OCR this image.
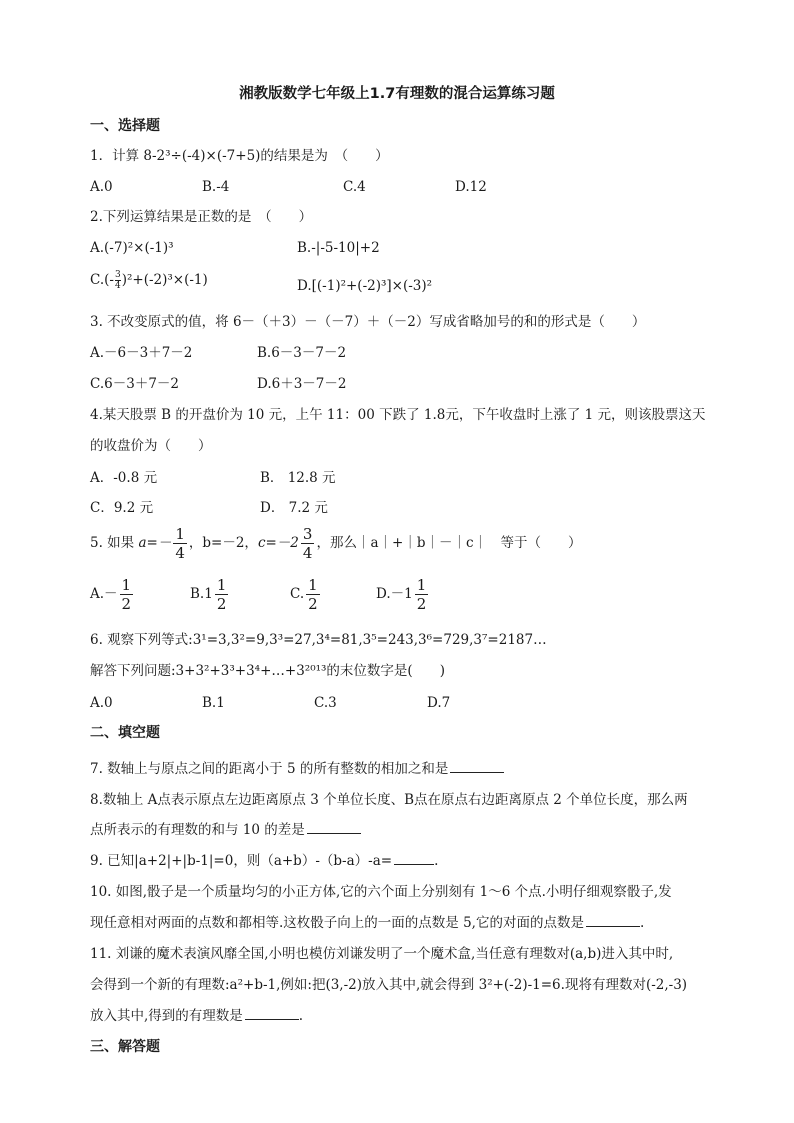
湘教版数学七年级上1.7有理数的混合运算练习题
一、选择题
1．计算 8-2³÷(-4)×(-7+5)的结果是为　（　　）
A.0	B.-4	C.4	D.12
2.下列运算结果是正数的是　（　　）
A.(-7)²×(-1)³	B.-|-5-10|+2
$C.(- \frac{3}{4} )^2+(-2)^3\times(-1)$	D.[(-1)²+(-2)³]×(-3)²
3. 不改变原式的值，将 6－（＋3）－（－7）＋（－2）写成省略加号的和的形式是（　　）
A.－6－3＋7－2	B.6－3－7－2
C.6－3＋7－2	D.6＋3－7－2
4.某天股票 B 的开盘价为 10 元，上午 11：00 下跌了 1.8元，下午收盘时上涨了 1 元，则该股票这天
的收盘价为（　　）
A．-0.8 元	B． 12.8 元
C．9.2 元	D． 7.2 元
5. 如果 $a=- \frac{1}{4}$ ，b=－2，$c=-2 \frac{3}{4}$ ，那么｜a｜+｜b｜－｜c｜　等于（　　）
$A.- \frac{1}{2}$	$B.1 \frac{1}{2}$	C. $\frac{1}{2}$	$D.-1 \frac{1}{2}$
6. 观察下列等式:3¹=3,3²=9,3³=27,3⁴=81,3⁵=243,3⁶=729,3⁷=2187…
解答下列问题:3+3²+3³+3⁴+…+3²⁰¹³的末位数字是(　　)
A.0	B.1	C.3	D.7
二、填空题
7. 数轴上与原点之间的距离小于 5 的所有整数的相加之和是
8.数轴上 A点表示原点左边距离原点 3 个单位长度、B点在原点右边距离原点 2 个单位长度，那么两
点所表示的有理数的和与 10 的差是
9. 已知|a+2|+|b-1|=0，则（a+b）-（b-a）-a=	.
10. 如图,骰子是一个质量均匀的小正方体,它的六个面上分别刻有 1～6 个点.小明仔细观察骰子,发
现任意相对两面的点数和都相等.这枚骰子向上的一面的点数是 5,它的对面的点数是	.
11. 刘谦的魔术表演风靡全国,小明也模仿刘谦发明了一个魔术盒,当任意有理数对(a,b)进入其中时,
会得到一个新的有理数:a²+b-1,例如:把(3,-2)放入其中,就会得到 3²+(-2)-1=6.现将有理数对(-2,-3)
放入其中,得到的有理数是	.
三、解答题
